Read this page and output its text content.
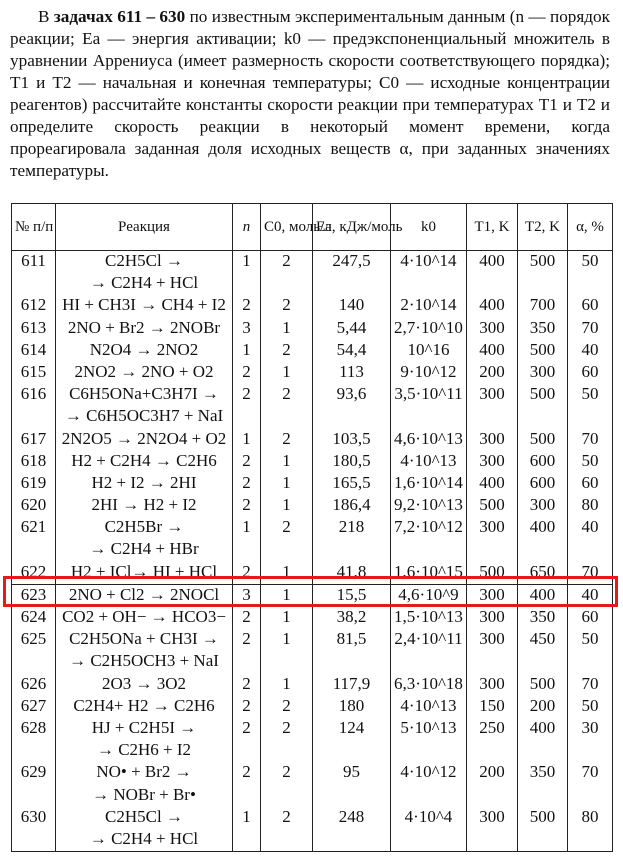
В задачах 611 – 630 по известным экспериментальным данным (n — порядок реакции; Eа — энергия активации; k0 — предэкспоненциальный множитель в уравнении Аррениуса (имеет размерность скорости соответствующего порядка); T1 и T2 — начальная и конечная температуры; C0 — исходные концентрации реагентов) рассчитайте константы скорости реакции при температурах T1 и T2 и определите скорость реакции в некоторый момент времени, когда прореагировала заданная доля исходных веществ α, при заданных значениях температуры.

№ п/п	Реакция	n	C0, моль/л	Eа, кДж/моль	k0	T1, K	T2, K	α, %
611	C2H5Cl →	1	2	247,5	4·10^14	400	500	50
	→ C2H4 + HCl							
612	HI + CH3I → CH4 + I2	2	2	140	2·10^14	400	700	60
613	2NO + Br2 → 2NOBr	3	1	5,44	2,7·10^10	300	350	70
614	N2O4 → 2NO2	1	2	54,4	10^16	400	500	40
615	2NO2 → 2NO + O2	2	1	113	9·10^12	200	300	60
616	C6H5ONa+C3H7I →	2	2	93,6	3,5·10^11	300	500	50
	→ C6H5OC3H7 + NaI							
617	2N2O5 → 2N2O4 + O2	1	2	103,5	4,6·10^13	300	500	70
618	H2 + C2H4 → C2H6	2	1	180,5	4·10^13	300	600	50
619	H2 + I2 → 2HI	2	1	165,5	1,6·10^14	400	600	60
620	2HI → H2 + I2	2	1	186,4	9,2·10^13	500	300	80
621	C2H5Br →	1	2	218	7,2·10^12	300	400	40
	→ C2H4 + HBr							
622	H2 + ICl→ HI + HCl	2	1	41,8	1,6·10^15	500	650	70
623	2NO + Cl2 → 2NOCl	3	1	15,5	4,6·10^9	300	400	40
624	CO2 + OH− → HCO3−	2	1	38,2	1,5·10^13	300	350	60
625	C2H5ONa + CH3I →	2	1	81,5	2,4·10^11	300	450	50
	→ C2H5OCH3 + NaI							
626	2O3 → 3O2	2	1	117,9	6,3·10^18	300	500	70
627	C2H4+ H2 → C2H6	2	2	180	4·10^13	150	200	50
628	HJ + C2H5I →	2	2	124	5·10^13	250	400	30
	→ C2H6 + I2							
629	NO• + Br2 →	2	2	95	4·10^12	200	350	70
	→ NOBr + Br•							
630	C2H5Cl →	1	2	248	4·10^4	300	500	80
	→ C2H4 + HCl							
